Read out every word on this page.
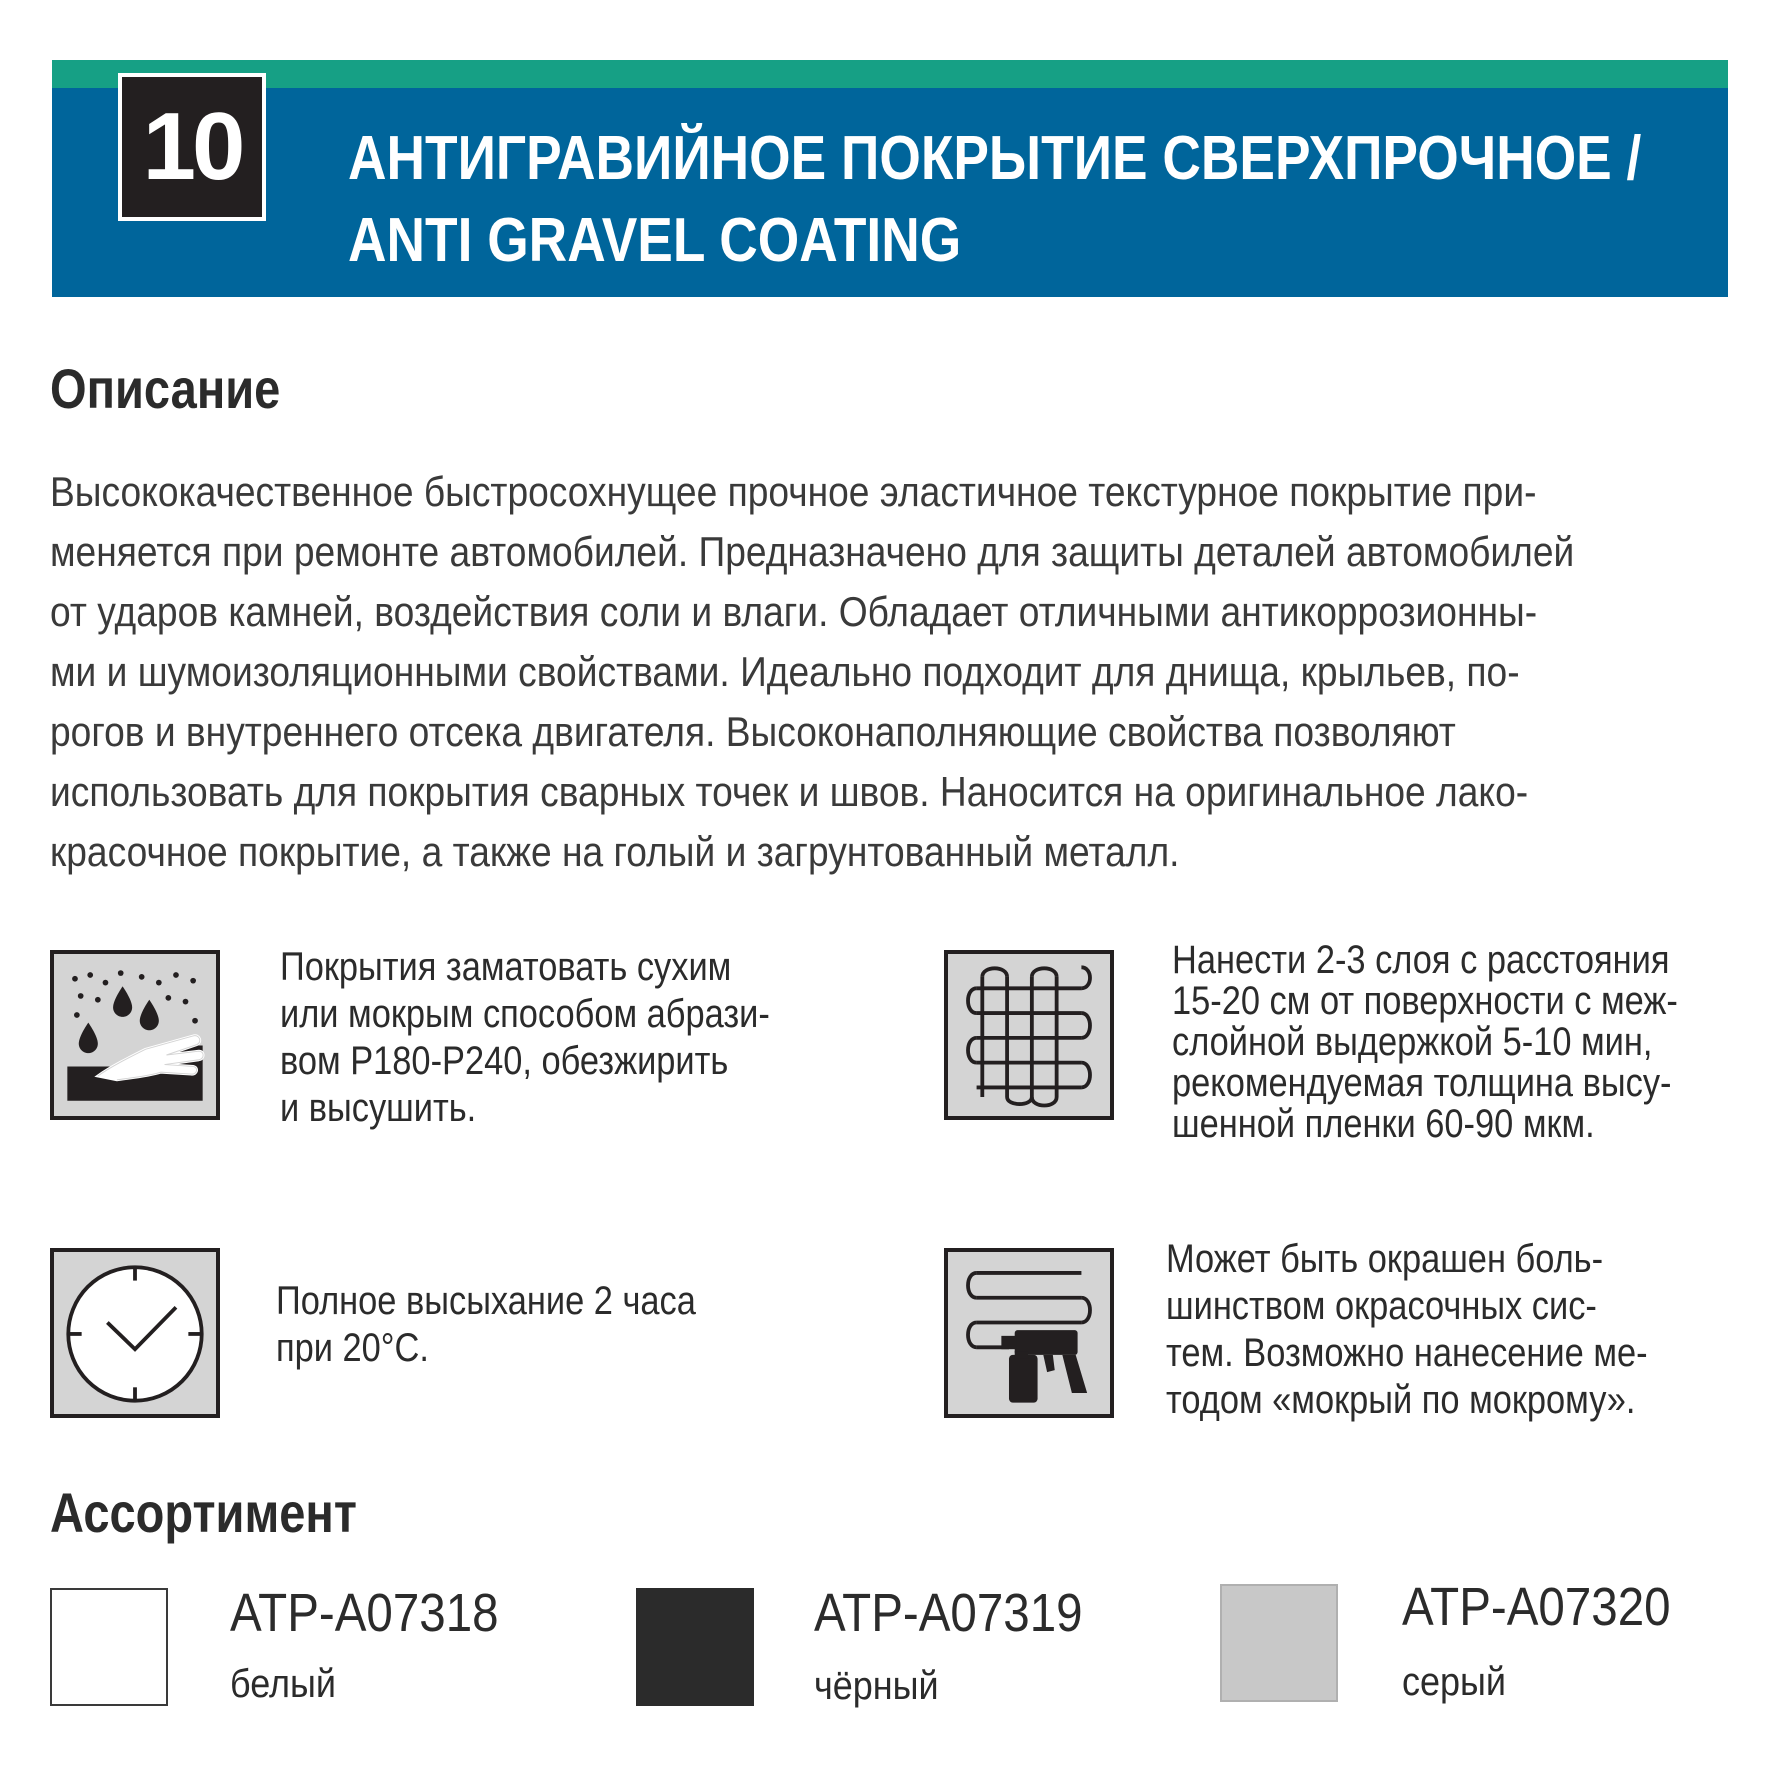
10	АНТИГРАВИЙНОЕ ПОКРЫТИЕ СВЕРХПРОЧНОЕ /
ANTI GRAVEL COATING
Описание
Высококачественное быстросохнущее прочное эластичное текстурное покрытие при-
меняется при ремонте автомобилей. Предназначено для защиты деталей автомобилей
от ударов камней, воздействия соли и влаги. Обладает отличными антикоррозионны-
ми и шумоизоляционными свойствами. Идеально подходит для днища, крыльев, по-
рогов и внутреннего отсека двигателя. Высоконаполняющие свойства позволяют
использовать для покрытия сварных точек и швов. Наносится на оригинальное лако-
красочное покрытие, а также на голый и загрунтованный металл.
Покрытия заматовать сухим
или мокрым способом абрази-
вом P180-P240, обезжирить
и высушить.
Нанести 2-3 слоя с расстояния
15-20 см от поверхности с меж-
слойной выдержкой 5-10 мин,
рекомендуемая толщина высу-
шенной пленки 60-90 мкм.
Полное высыхание 2 часа
при 20°С.
Может быть окрашен боль-
шинством окрасочных сис-
тем. Возможно нанесение ме-
тодом «мокрый по мокрому».
Ассортимент
ATP-A07318
белый
ATP-A07319
чёрный
ATP-A07320
серый
